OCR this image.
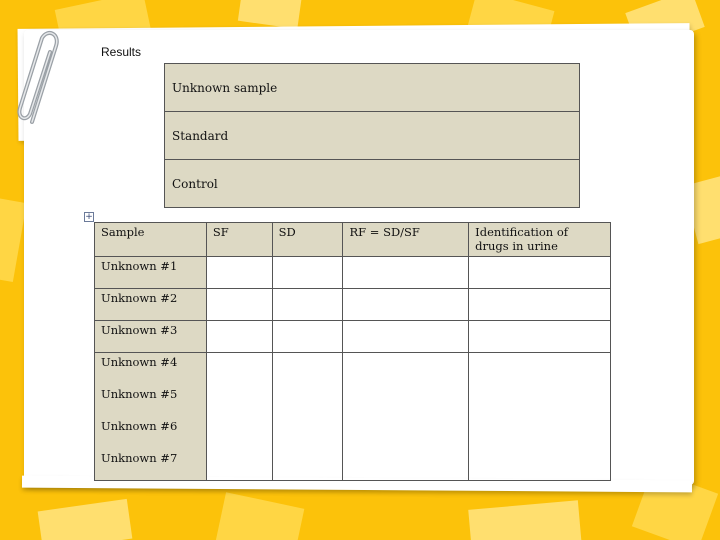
Results
Unknown sample
Standard
Control
+
Sample	SF	SD	RF = SD/SF	Identification of drugs in urine
Unknown #1				
Unknown #2				
Unknown #3				
Unknown #4				
Unknown #5				
Unknown #6				
Unknown #7				
